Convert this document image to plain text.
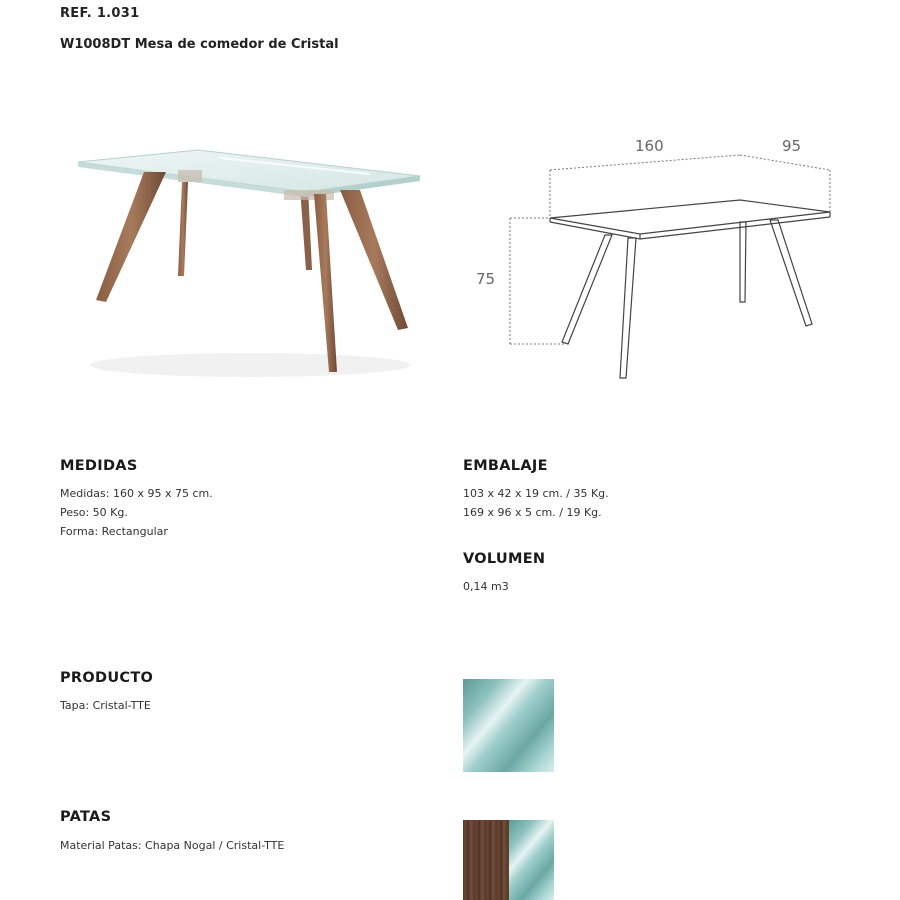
REF. 1.031
W1008DT Mesa de comedor de Cristal
160	95
75
MEDIDAS
Medidas: 160 x 95 x 75 cm.
Peso: 50 Kg.
Forma: Rectangular
EMBALAJE
103 x 42 x 19 cm. / 35 Kg.
169 x 96 x 5 cm. / 19 Kg.
VOLUMEN
0,14 m3
PRODUCTO
Tapa: Cristal-TTE
PATAS
Material Patas: Chapa Nogal / Cristal-TTE
